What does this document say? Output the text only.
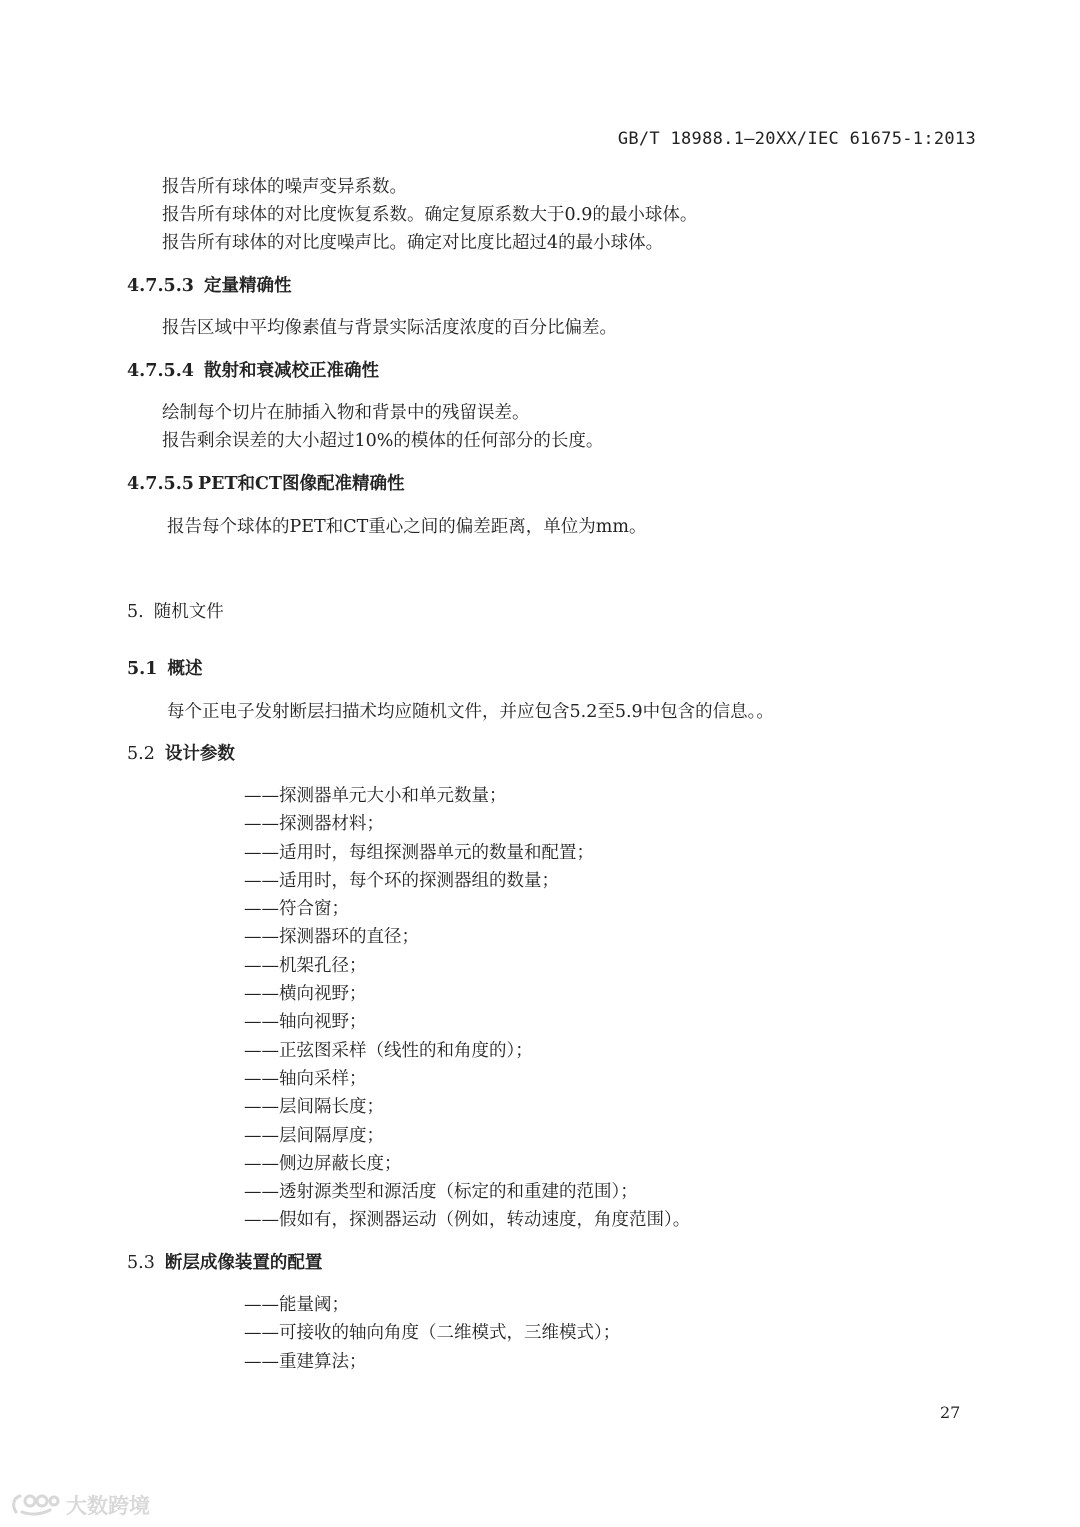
GB/T 18988.1—20XX/IEC 61675-1:2013
报告所有球体的噪声变异系数。
报告所有球体的对比度恢复系数。确定复原系数大于0.9的最小球体。
报告所有球体的对比度噪声比。确定对比度比超过4的最小球体。
4.7.5.3 定量精确性
报告区域中平均像素值与背景实际活度浓度的百分比偏差。
4.7.5.4 散射和衰减校正准确性
绘制每个切片在肺插入物和背景中的残留误差。
报告剩余误差的大小超过10%的模体的任何部分的长度。
4.7.5.5 PET和CT图像配准精确性
报告每个球体的PET和CT重心之间的偏差距离，单位为mm。
5. 随机文件
5.1 概述
每个正电子发射断层扫描术均应随机文件，并应包含5.2至5.9中包含的信息。。
5.2 设计参数
——探测器单元大小和单元数量；
——探测器材料；
——适用时，每组探测器单元的数量和配置；
——适用时，每个环的探测器组的数量；
——符合窗；
——探测器环的直径；
——机架孔径；
——横向视野；
——轴向视野；
——正弦图采样（线性的和角度的）；
——轴向采样；
——层间隔长度；
——层间隔厚度；
——侧边屏蔽长度；
——透射源类型和源活度（标定的和重建的范围）；
——假如有，探测器运动（例如，转动速度，角度范围）。
5.3 断层成像装置的配置
——能量阈；
——可接收的轴向角度（二维模式，三维模式）；
——重建算法；
27
大数跨境
